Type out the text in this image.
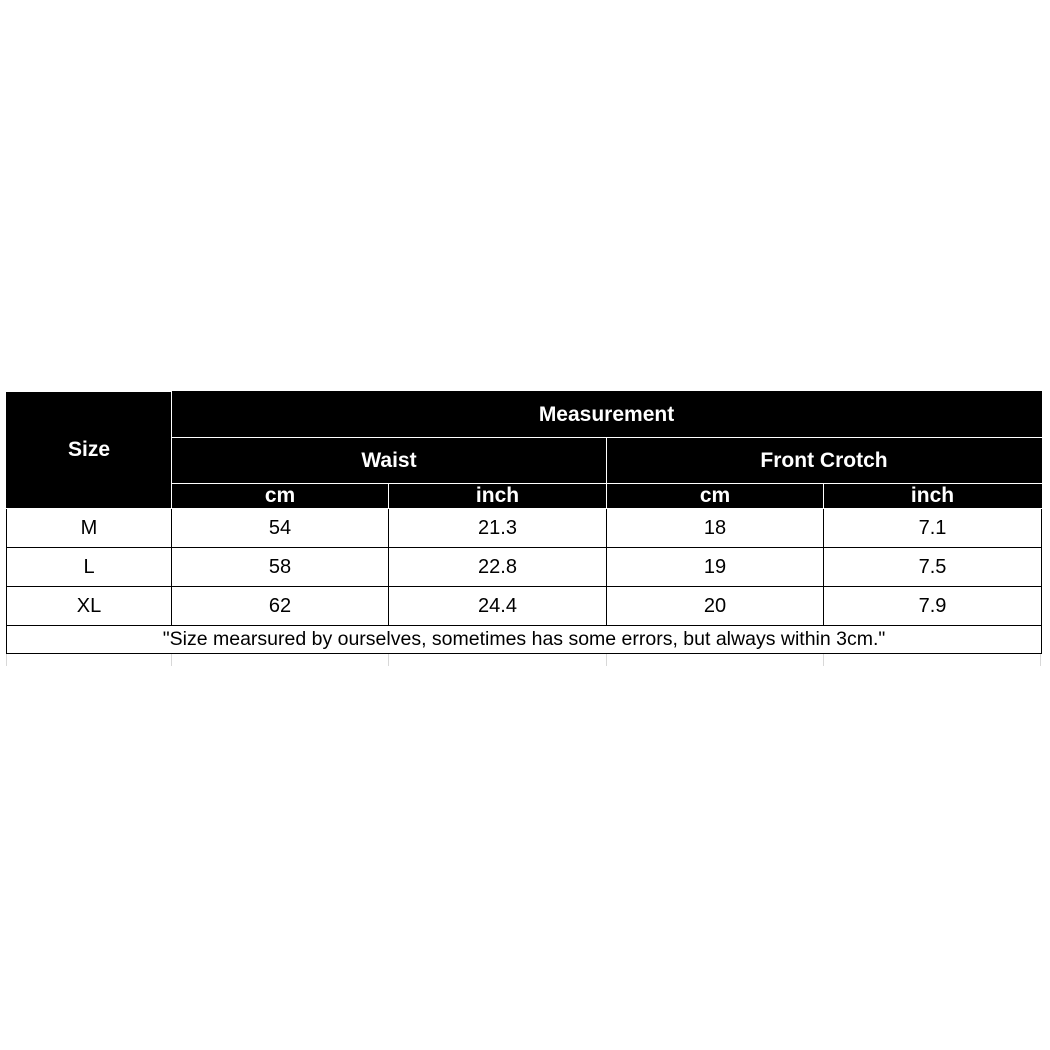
Size	Measurement			
	Waist		Front Crotch	
	cm	inch	cm	inch
M	54	21.3	18	7.1
L	58	22.8	19	7.5
XL	62	24.4	20	7.9
"Size mearsured by ourselves, sometimes has some errors, but always within 3cm."				
